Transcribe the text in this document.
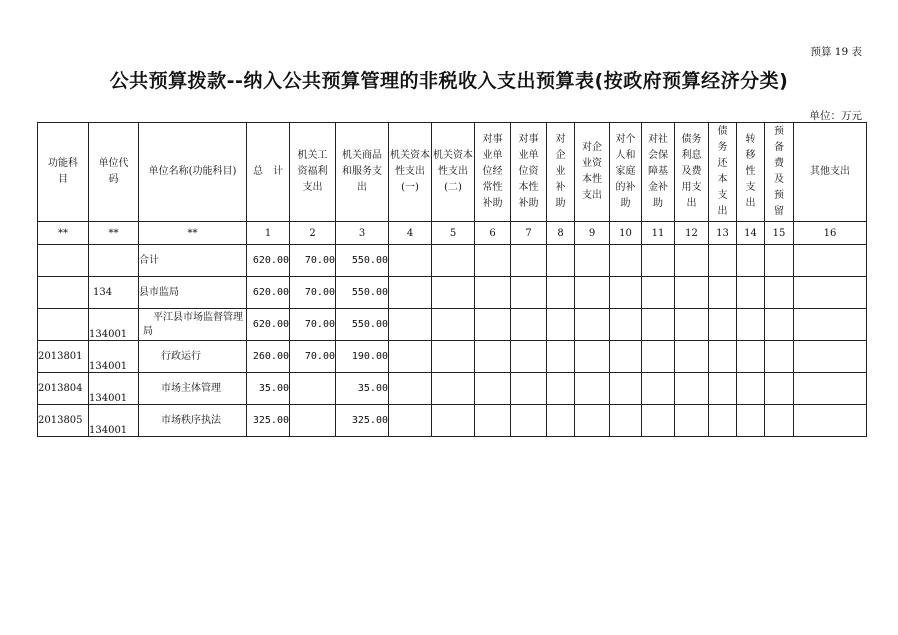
预算 19 表
公共预算拨款--纳入公共预算管理的非税收入支出预算表(按政府预算经济分类)
单位：万元
功能科目	单位代码	单位名称(功能科目)	总　计	机关工资福利支出	机关商品和服务支出	机关资本性支出(一)	机关资本性支出(二)	对事业单位经常性补助	对事业单位资本性补助	对企业补助	对企业资本性支出	对个人和家庭的补助	对社会保障基金补助	债务利息及费用支出	债务还本支出	转移性支出	预备费及预留	其他支出
**	**	**	1	2	3	4	5	6	7	8	9	10	11	12	13	14	15	16
		合计	620.00	70.00	550.00													
	134	县市监局	620.00	70.00	550.00													
	134001	平江县市场监督管理局	620.00	70.00	550.00													
2013801	134001	行政运行	260.00	70.00	190.00													
2013804	134001	市场主体管理	35.00		35.00													
2013805	134001	市场秩序执法	325.00		325.00													
